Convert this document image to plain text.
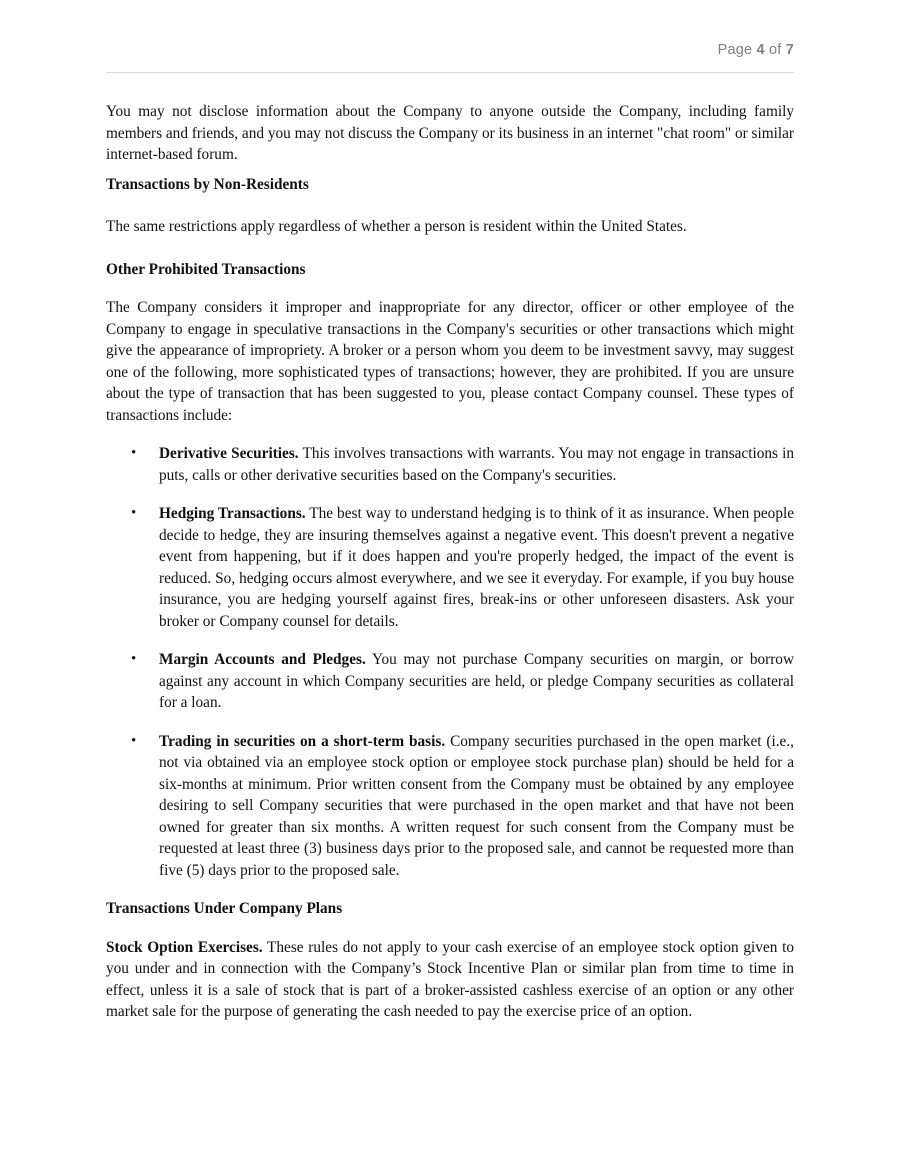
Page 4 of 7

You may not disclose information about the Company to anyone outside the Company, including family members and friends, and you may not discuss the Company or its business in an internet "chat room" or similar internet-based forum.

Transactions by Non-Residents

The same restrictions apply regardless of whether a person is resident within the United States.

Other Prohibited Transactions

The Company considers it improper and inappropriate for any director, officer or other employee of the Company to engage in speculative transactions in the Company's securities or other transactions which might give the appearance of impropriety. A broker or a person whom you deem to be investment savvy, may suggest one of the following, more sophisticated types of transactions; however, they are prohibited. If you are unsure about the type of transaction that has been suggested to you, please contact Company counsel. These types of transactions include:

• Derivative Securities. This involves transactions with warrants. You may not engage in transactions in puts, calls or other derivative securities based on the Company's securities.

• Hedging Transactions. The best way to understand hedging is to think of it as insurance. When people decide to hedge, they are insuring themselves against a negative event. This doesn't prevent a negative event from happening, but if it does happen and you're properly hedged, the impact of the event is reduced. So, hedging occurs almost everywhere, and we see it everyday. For example, if you buy house insurance, you are hedging yourself against fires, break-ins or other unforeseen disasters. Ask your broker or Company counsel for details.

• Margin Accounts and Pledges. You may not purchase Company securities on margin, or borrow against any account in which Company securities are held, or pledge Company securities as collateral for a loan.

• Trading in securities on a short-term basis. Company securities purchased in the open market (i.e., not via obtained via an employee stock option or employee stock purchase plan) should be held for a six-months at minimum. Prior written consent from the Company must be obtained by any employee desiring to sell Company securities that were purchased in the open market and that have not been owned for greater than six months. A written request for such consent from the Company must be requested at least three (3) business days prior to the proposed sale, and cannot be requested more than five (5) days prior to the proposed sale.

Transactions Under Company Plans

Stock Option Exercises. These rules do not apply to your cash exercise of an employee stock option given to you under and in connection with the Company’s Stock Incentive Plan or similar plan from time to time in effect, unless it is a sale of stock that is part of a broker-assisted cashless exercise of an option or any other market sale for the purpose of generating the cash needed to pay the exercise price of an option.
